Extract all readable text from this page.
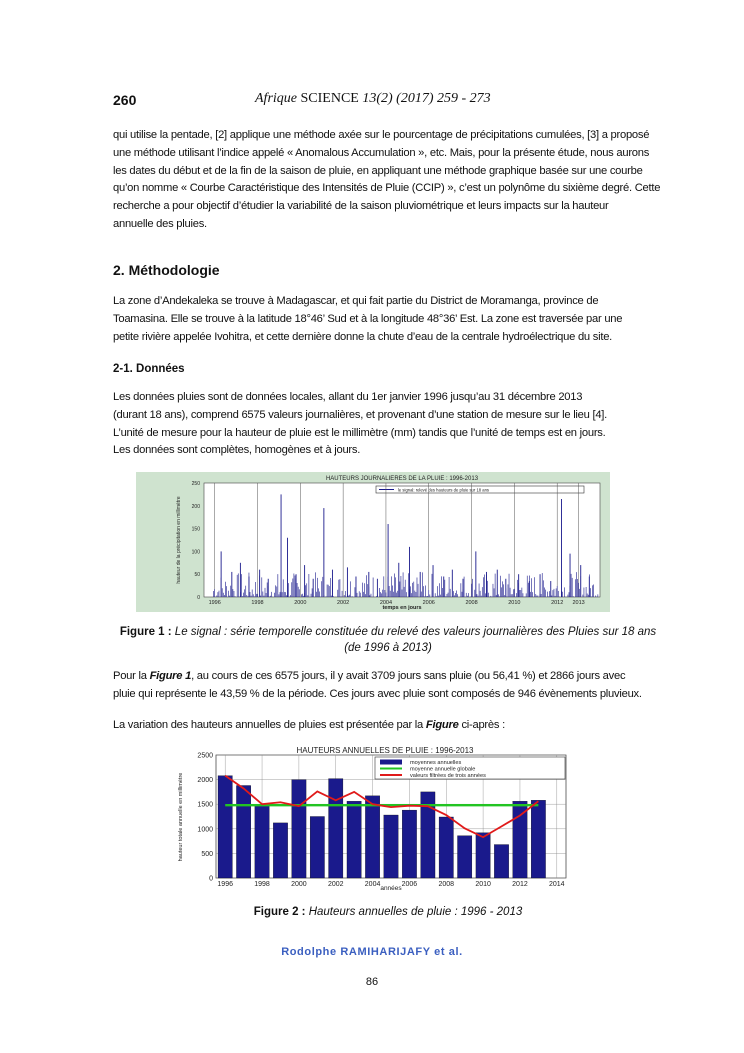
260	Afrique SCIENCE 13(2) (2017) 259 - 273
qui utilise la pentade, [2] applique une méthode axée sur le pourcentage de précipitations cumulées, [3] a proposé
une méthode utilisant l’indice appelé « Anomalous Accumulation », etc. Mais, pour la présente étude, nous aurons
les dates du début et de la fin de la saison de pluie, en appliquant une méthode graphique basée sur une courbe
qu’on nomme « Courbe Caractéristique des Intensités de Pluie (CCIP) », c’est un polynôme du sixième degré. Cette
recherche a pour objectif d’étudier la variabilité de la saison pluviométrique et leurs impacts sur la hauteur
annuelle des pluies.
2. Méthodologie
La zone d’Andekaleka se trouve à Madagascar, et qui fait partie du District de Moramanga, province de
Toamasina. Elle se trouve à la latitude 18°46’ Sud et à la longitude 48°36’ Est. La zone est traversée par une
petite rivière appelée Ivohitra, et cette dernière donne la chute d’eau de la centrale hydroélectrique du site.
2-1. Données
Les données pluies sont de données locales, allant du 1er janvier 1996 jusqu’au 31 décembre 2013
(durant 18 ans), comprend 6575 valeurs journalières, et provenant d’une station de mesure sur le lieu [4].
L’unité de mesure pour la hauteur de pluie est le millimètre (mm) tandis que l’unité de temps est en jours.
Les données sont complètes, homogènes et à jours.
HAUTEURS JOURNALIERES DE LA PLUIE : 1996-2013
le signal: relevé des hauteurs de pluie sur 18 ans
0
50
100
150
200
250
1996	1998	2000	2002	2004	2006	2008	2010	2012 2013
temps en jours
hauteur de la précipitation en millimètre
Figure 1 : Le signal : série temporelle constituée du relevé des valeurs journalières des Pluies sur 18 ans
(de 1996 à 2013)
Pour la Figure 1, au cours de ces 6575 jours, il y avait 3709 jours sans pluie (ou 56,41 %) et 2866 jours avec
pluie qui représente le 43,59 % de la période. Ces jours avec pluie sont composés de 946 évènements pluvieux.
La variation des hauteurs annuelles de pluies est présentée par la Figure ci-après :
HAUTEURS ANNUELLES DE PLUIE : 1996-2013
moyennes annuelles
moyenne annuelle globale
valeurs filtrées de trois années
0
500
1000
1500
2000
2500
1996	1998	2000	2002	2004	2006	2008	2010	2012	2014
années
hauteur totale annuelle en millimètre
Figure 2 : Hauteurs annuelles de pluie : 1996 - 2013
Rodolphe RAMIHARIJAFY et al.
86
